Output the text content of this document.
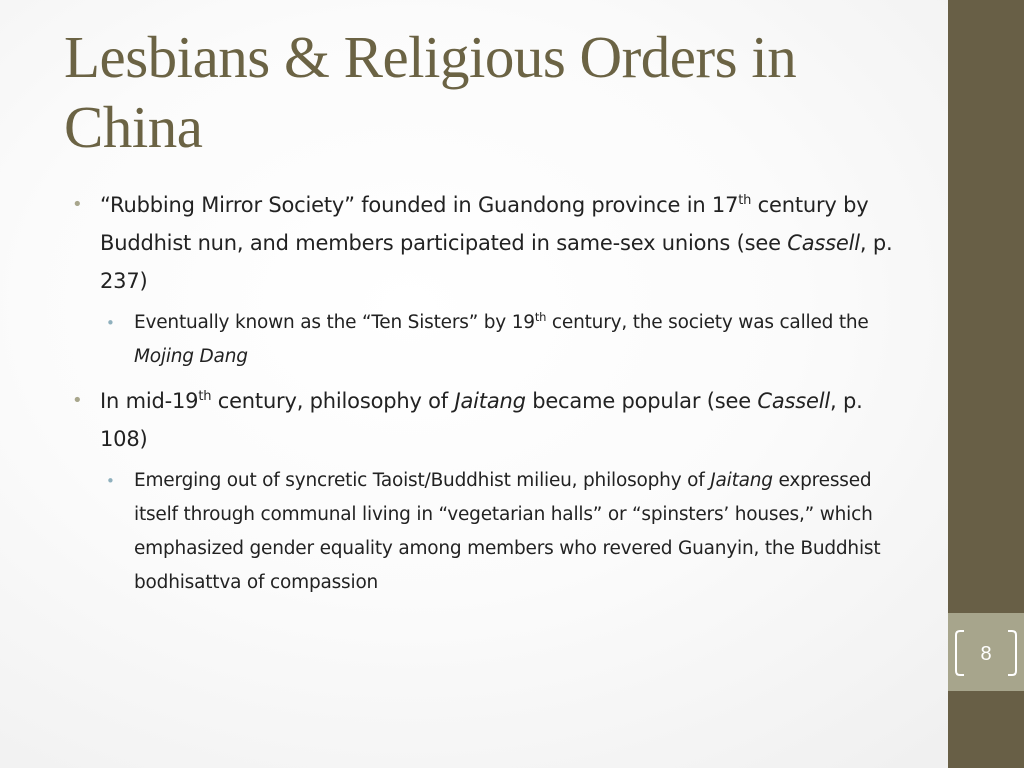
Lesbians & Religious Orders in China
• “Rubbing Mirror Society” founded in Guandong province in 17th century by Buddhist nun, and members participated in same-sex unions (see Cassell, p. 237)
• Eventually known as the “Ten Sisters” by 19th century, the society was called the Mojing Dang
• In mid-19th century, philosophy of Jaitang became popular (see Cassell, p. 108)
• Emerging out of syncretic Taoist/Buddhist milieu, philosophy of Jaitang expressed itself through communal living in “vegetarian halls” or “spinsters’ houses,” which emphasized gender equality among members who revered Guanyin, the Buddhist bodhisattva of compassion
8
